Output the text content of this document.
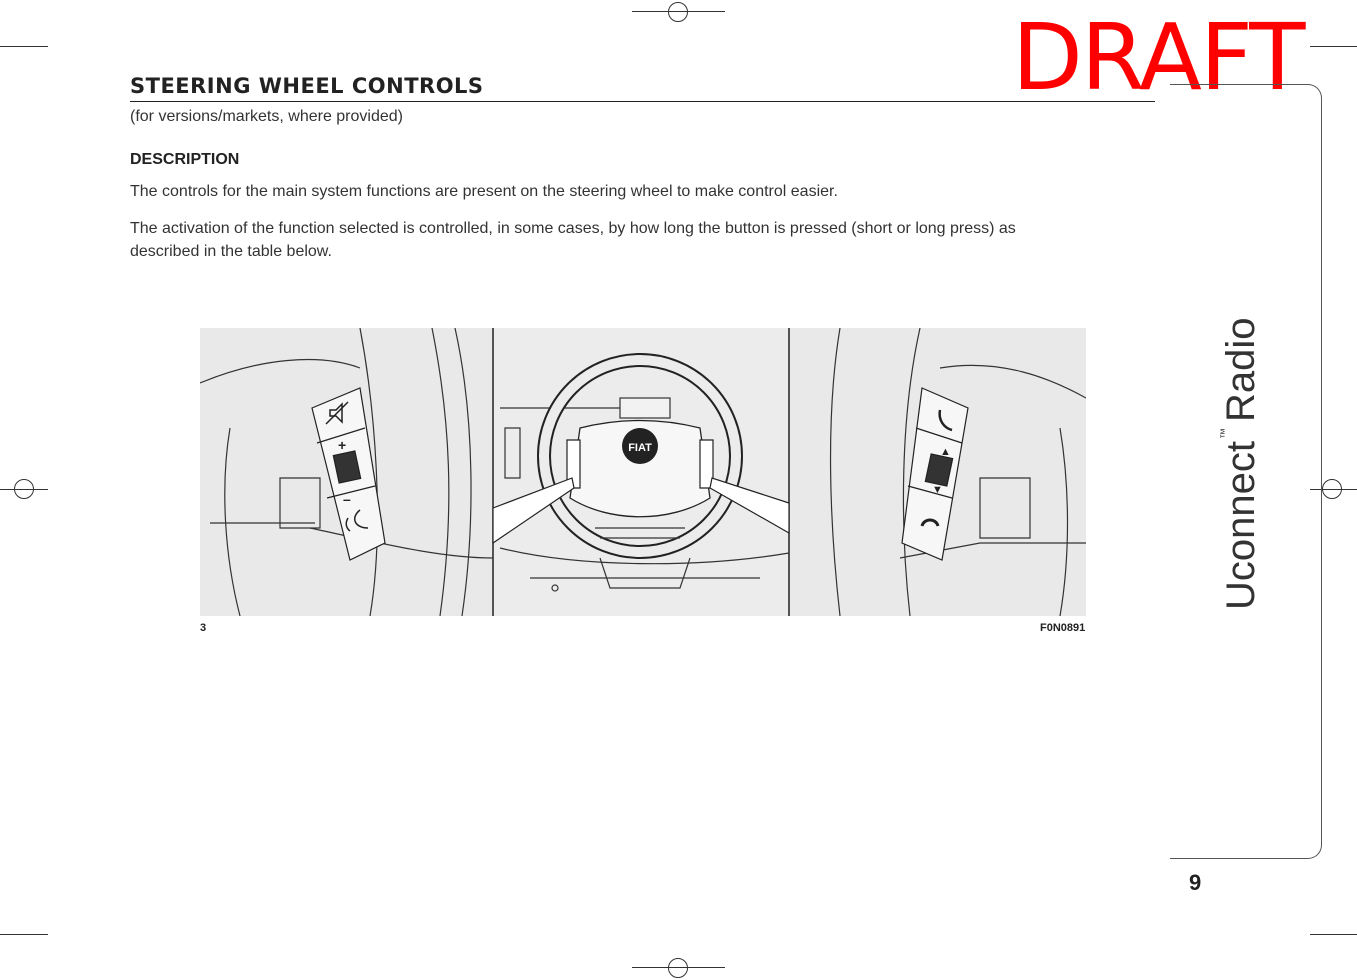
STEERING WHEEL CONTROLS
(for versions/markets, where provided)
DRAFT
DESCRIPTION
The controls for the main system functions are present on the steering wheel to make control easier.
The activation of the function selected is controlled, in some cases, by how long the button is pressed (short or long press) as
described in the table below.
Uconnect™Radio
9
+
–
FIAT	▲
▼
3	F0N0891
